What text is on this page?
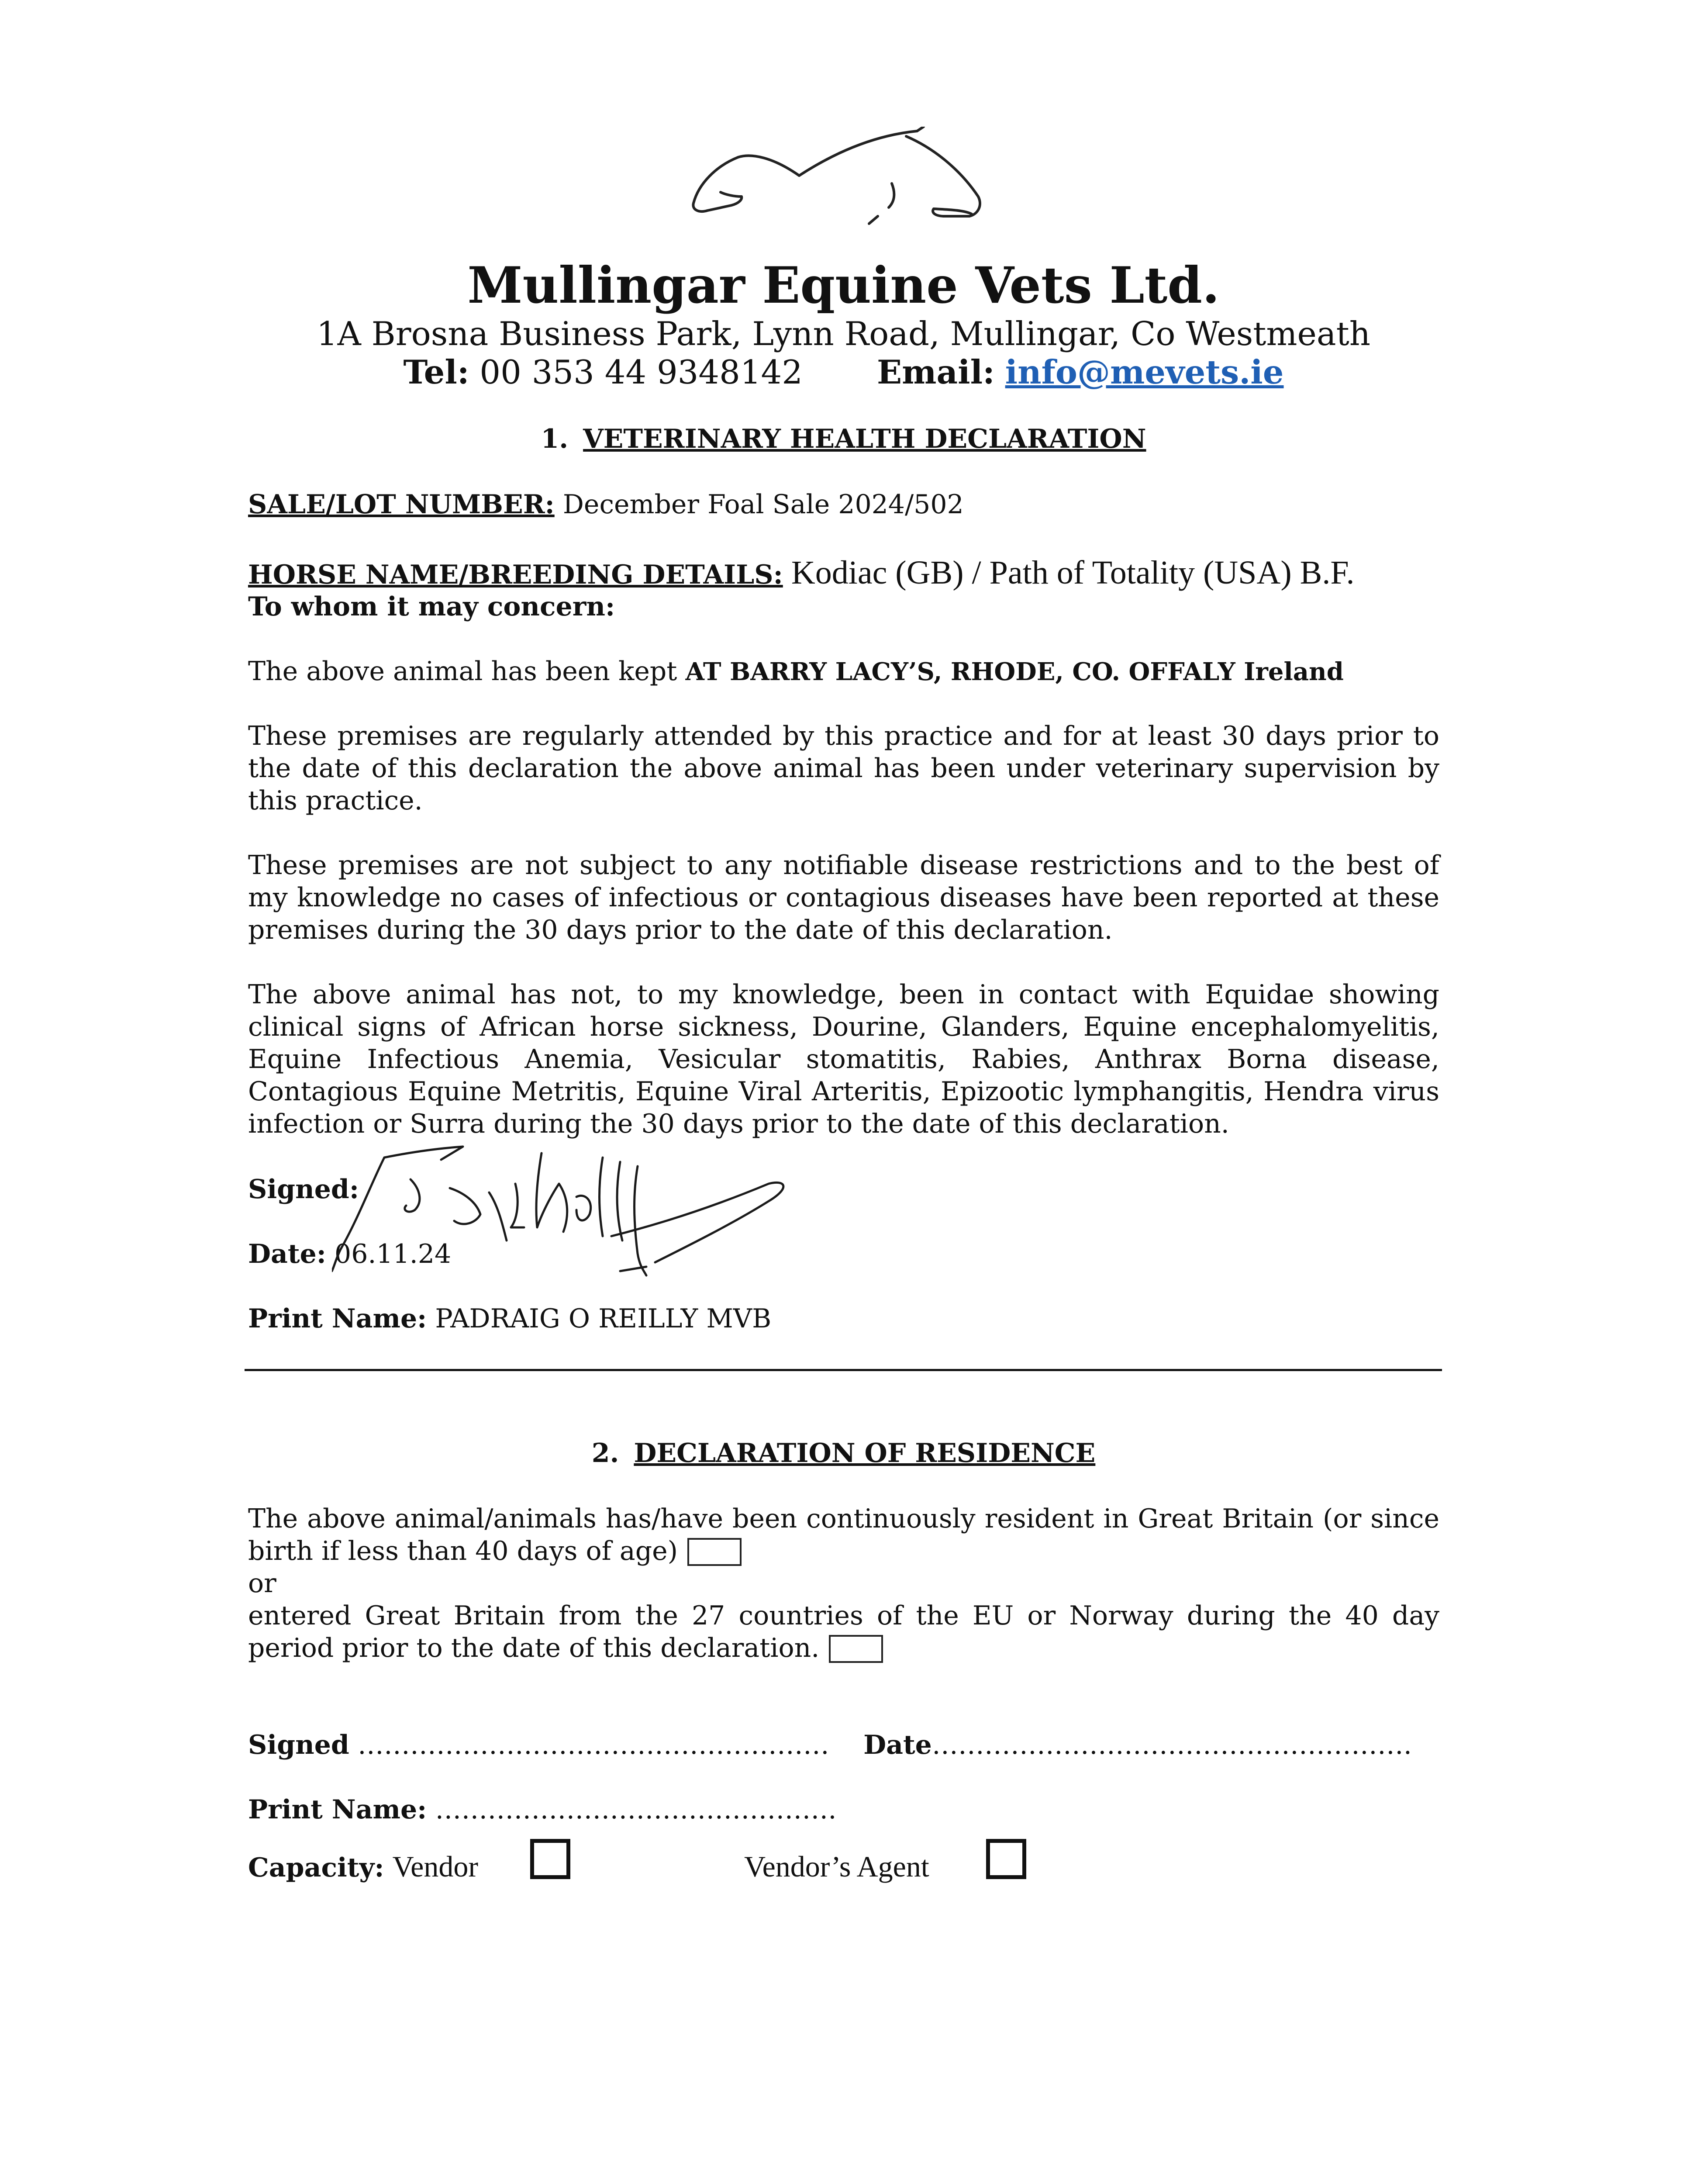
Mullingar Equine Vets Ltd.
1A Brosna Business Park, Lynn Road, Mullingar, Co Westmeath
Tel: 00 353 44 9348142 Email: info@mevets.ie
1. VETERINARY HEALTH DECLARATION
SALE/LOT NUMBER: December Foal Sale 2024/502
HORSE NAME/BREEDING DETAILS: Kodiac (GB) / Path of Totality (USA) B.F.
To whom it may concern:
The above animal has been kept AT BARRY LACY’S, RHODE, CO. OFFALY Ireland
These premises are regularly attended by this practice and for at least 30 days prior to the date of this declaration the above animal has been under veterinary supervision by this practice.
These premises are not subject to any notifiable disease restrictions and to the best of my knowledge no cases of infectious or contagious diseases have been reported at these premises during the 30 days prior to the date of this declaration.
The above animal has not, to my knowledge, been in contact with Equidae showing clinical signs of African horse sickness, Dourine, Glanders, Equine encephalomyelitis, Equine Infectious Anemia, Vesicular stomatitis, Rabies, Anthrax Borna disease, Contagious Equine Metritis, Equine Viral Arteritis, Epizootic lymphangitis, Hendra virus infection or Surra during the 30 days prior to the date of this declaration.
Signed:
Date: 06.11.24
Print Name: PADRAIG O REILLY MVB
2. DECLARATION OF RESIDENCE
The above animal/animals has/have been continuously resident in Great Britain (or since birth if less than 40 days of age)
or
entered Great Britain from the 27 countries of the EU or Norway during the 40 day period prior to the date of this declaration.
Signed ……………………………………………… Date……………………………………………….
Print Name: ……………………………………….
Capacity: Vendor	Vendor’s Agent
